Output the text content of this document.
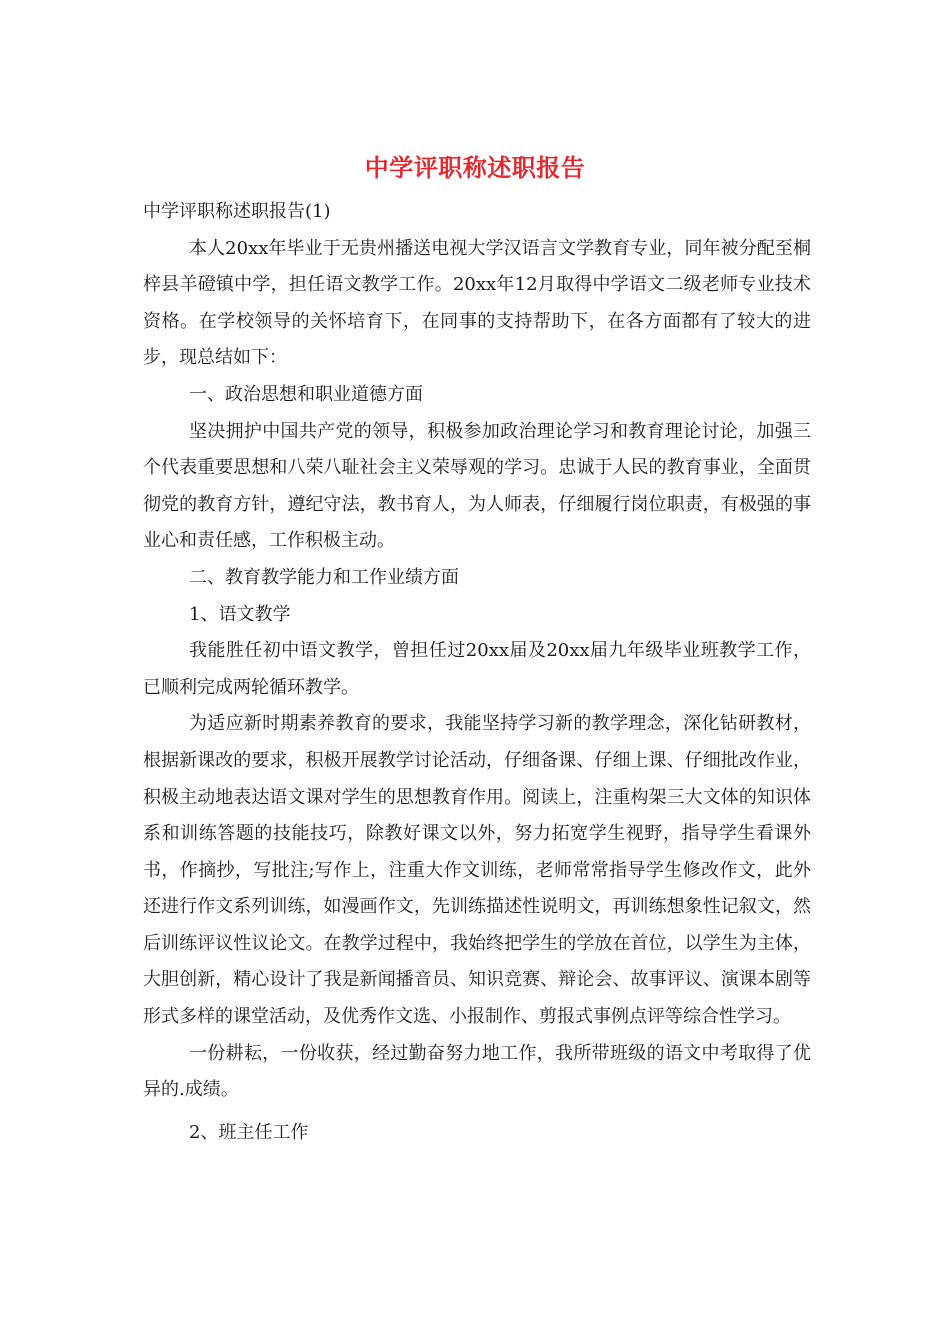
中学评职称述职报告

中学评职称述职报告(1)

本人20xx年毕业于无贵州播送电视大学汉语言文学教育专业，同年被分配至桐梓县羊磴镇中学，担任语文教学工作。20xx年12月取得中学语文二级老师专业技术资格。在学校领导的关怀培育下，在同事的支持帮助下，在各方面都有了较大的进步，现总结如下：

一、政治思想和职业道德方面

坚决拥护中国共产党的领导，积极参加政治理论学习和教育理论讨论，加强三个代表重要思想和八荣八耻社会主义荣辱观的学习。忠诚于人民的教育事业，全面贯彻党的教育方针，遵纪守法，教书育人，为人师表，仔细履行岗位职责，有极强的事业心和责任感，工作积极主动。

二、教育教学能力和工作业绩方面

1、语文教学

我能胜任初中语文教学，曾担任过20xx届及20xx届九年级毕业班教学工作，已顺利完成两轮循环教学。

为适应新时期素养教育的要求，我能坚持学习新的教学理念，深化钻研教材，根据新课改的要求，积极开展教学讨论活动，仔细备课、仔细上课、仔细批改作业，积极主动地表达语文课对学生的思想教育作用。阅读上，注重构架三大文体的知识体系和训练答题的技能技巧，除教好课文以外，努力拓宽学生视野，指导学生看课外书，作摘抄，写批注;写作上，注重大作文训练，老师常常指导学生修改作文，此外还进行作文系列训练，如漫画作文，先训练描述性说明文，再训练想象性记叙文，然后训练评议性议论文。在教学过程中，我始终把学生的学放在首位，以学生为主体，大胆创新，精心设计了我是新闻播音员、知识竞赛、辩论会、故事评议、演课本剧等形式多样的课堂活动，及优秀作文选、小报制作、剪报式事例点评等综合性学习。

一份耕耘，一份收获，经过勤奋努力地工作，我所带班级的语文中考取得了优异的.成绩。

2、班主任工作
